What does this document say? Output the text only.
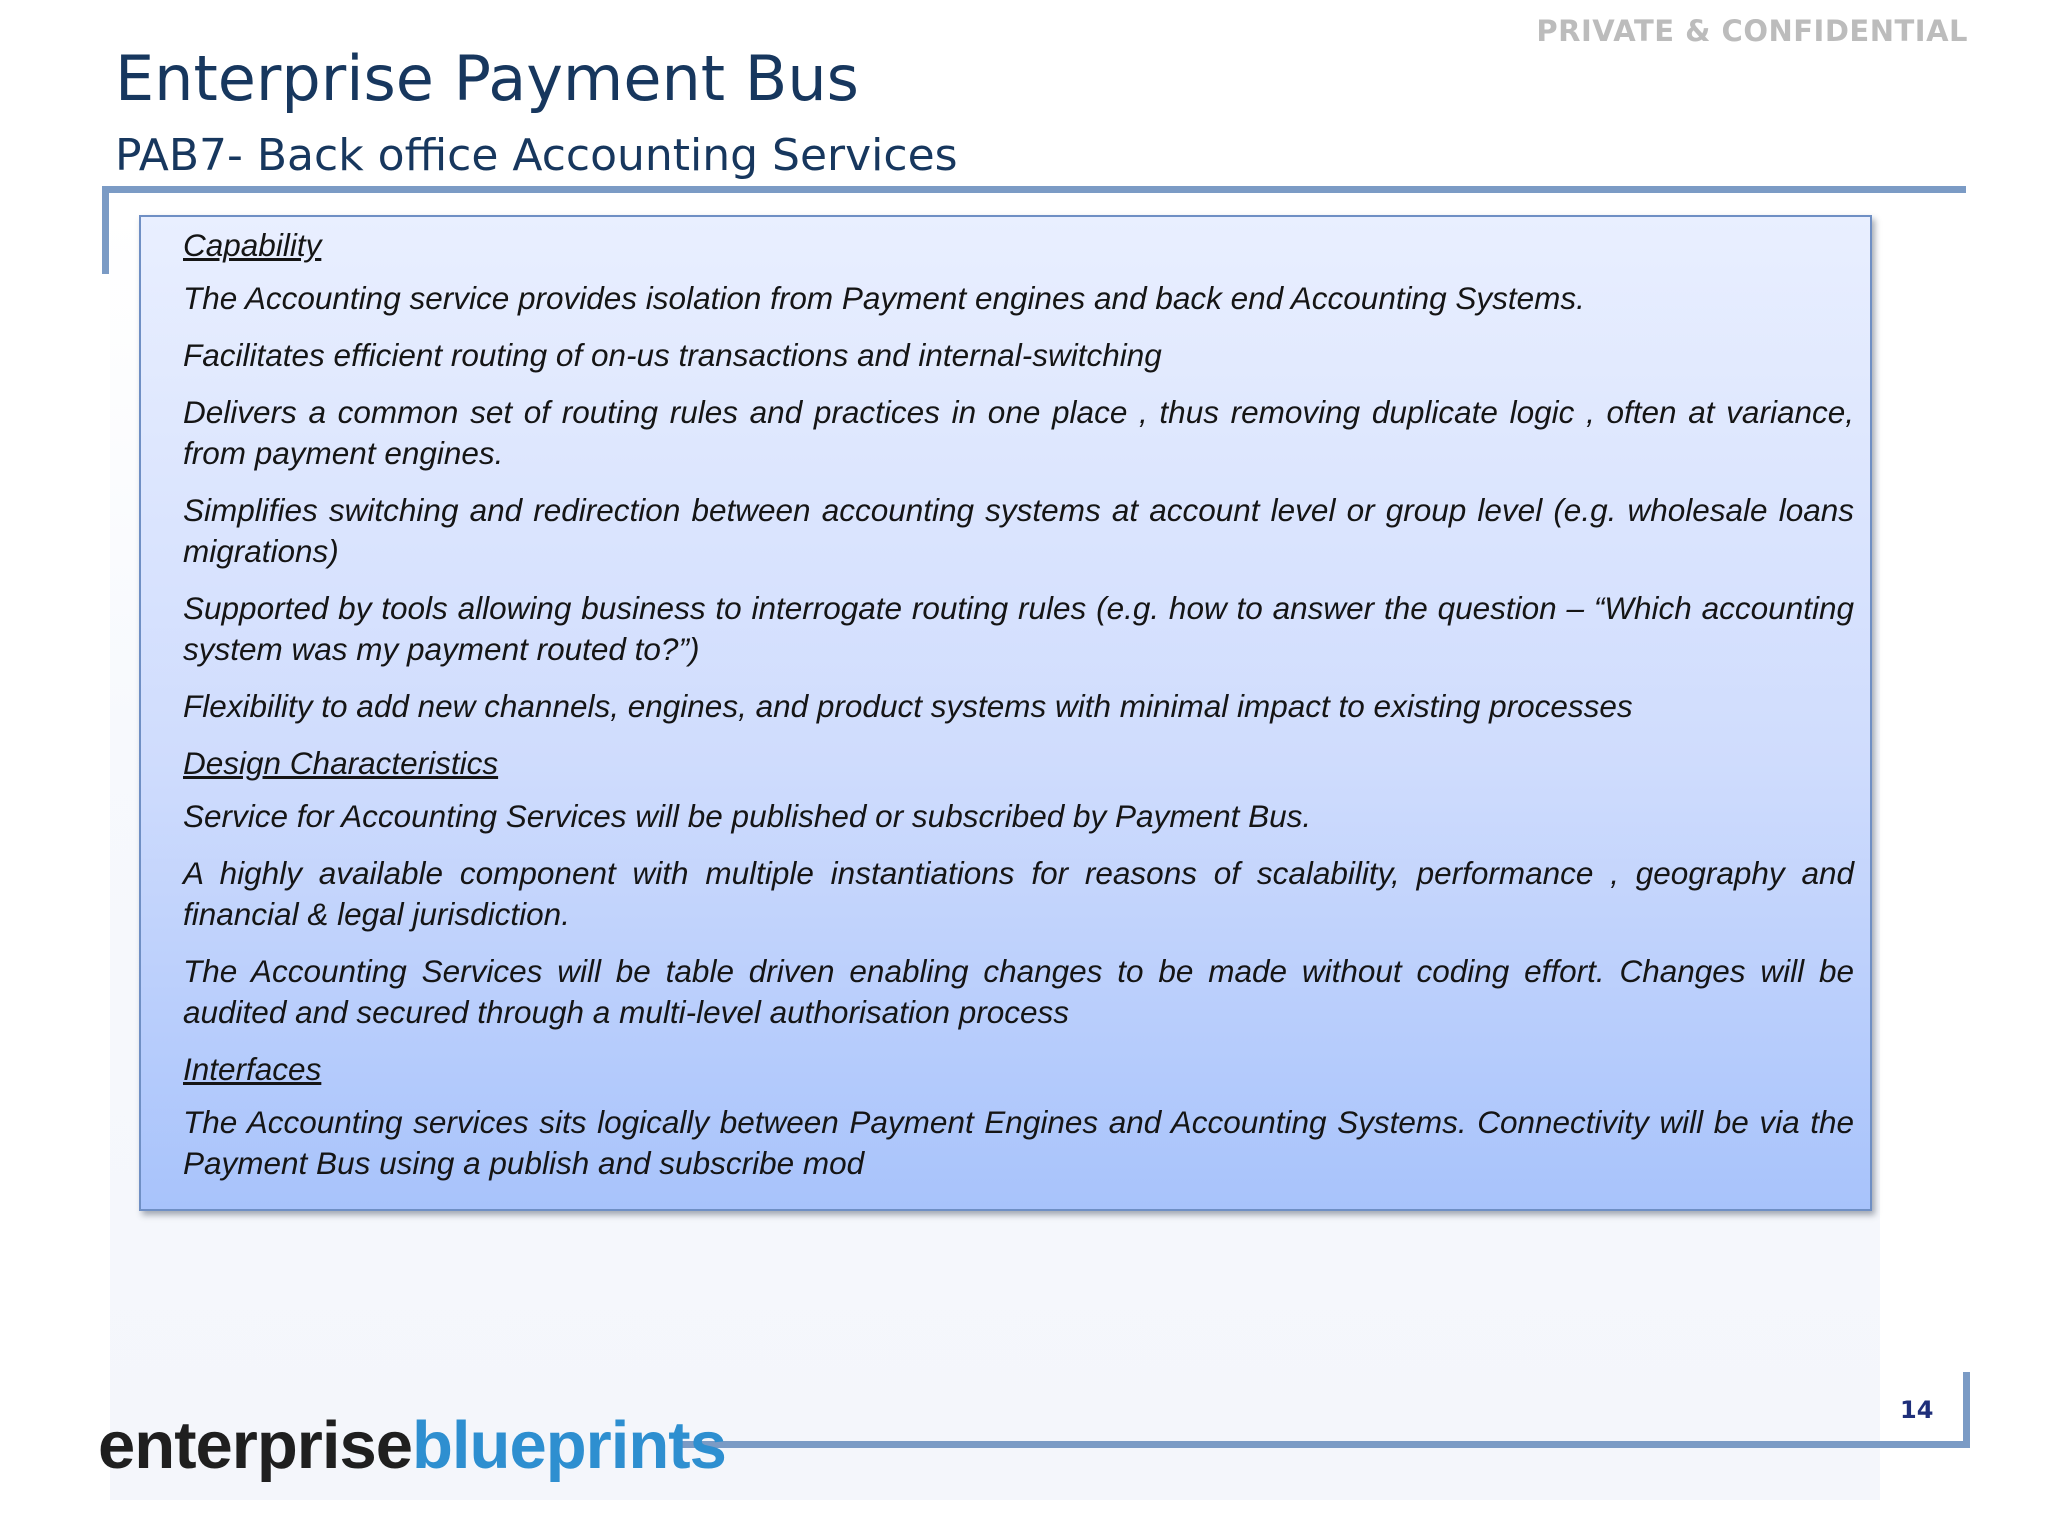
PRIVATE & CONFIDENTIAL
Enterprise Payment Bus
PAB7- Back office Accounting Services

Capability

The Accounting service provides isolation from Payment engines and back end Accounting Systems.

Facilitates efficient routing of on-us transactions and internal-switching

Delivers a common set of routing rules and practices in one place , thus removing duplicate logic , often at variance, from payment engines.

Simplifies switching and redirection between accounting systems at account level or group level (e.g. wholesale loans migrations)

Supported by tools allowing business to interrogate routing rules (e.g. how to answer the question – “Which accounting system was my payment routed to?”)

Flexibility to add new channels, engines, and product systems with minimal impact to existing processes

Design Characteristics

Service for Accounting Services will be published or subscribed by Payment Bus.

A highly available component with multiple instantiations for reasons of scalability, performance , geography and financial & legal jurisdiction.

The Accounting Services will be table driven enabling changes to be made without coding effort. Changes will be audited and secured through a multi-level authorisation process

Interfaces

The Accounting services sits logically between Payment Engines and Accounting Systems. Connectivity will be via the Payment Bus using a publish and subscribe mod

14
enterpriseblueprints
